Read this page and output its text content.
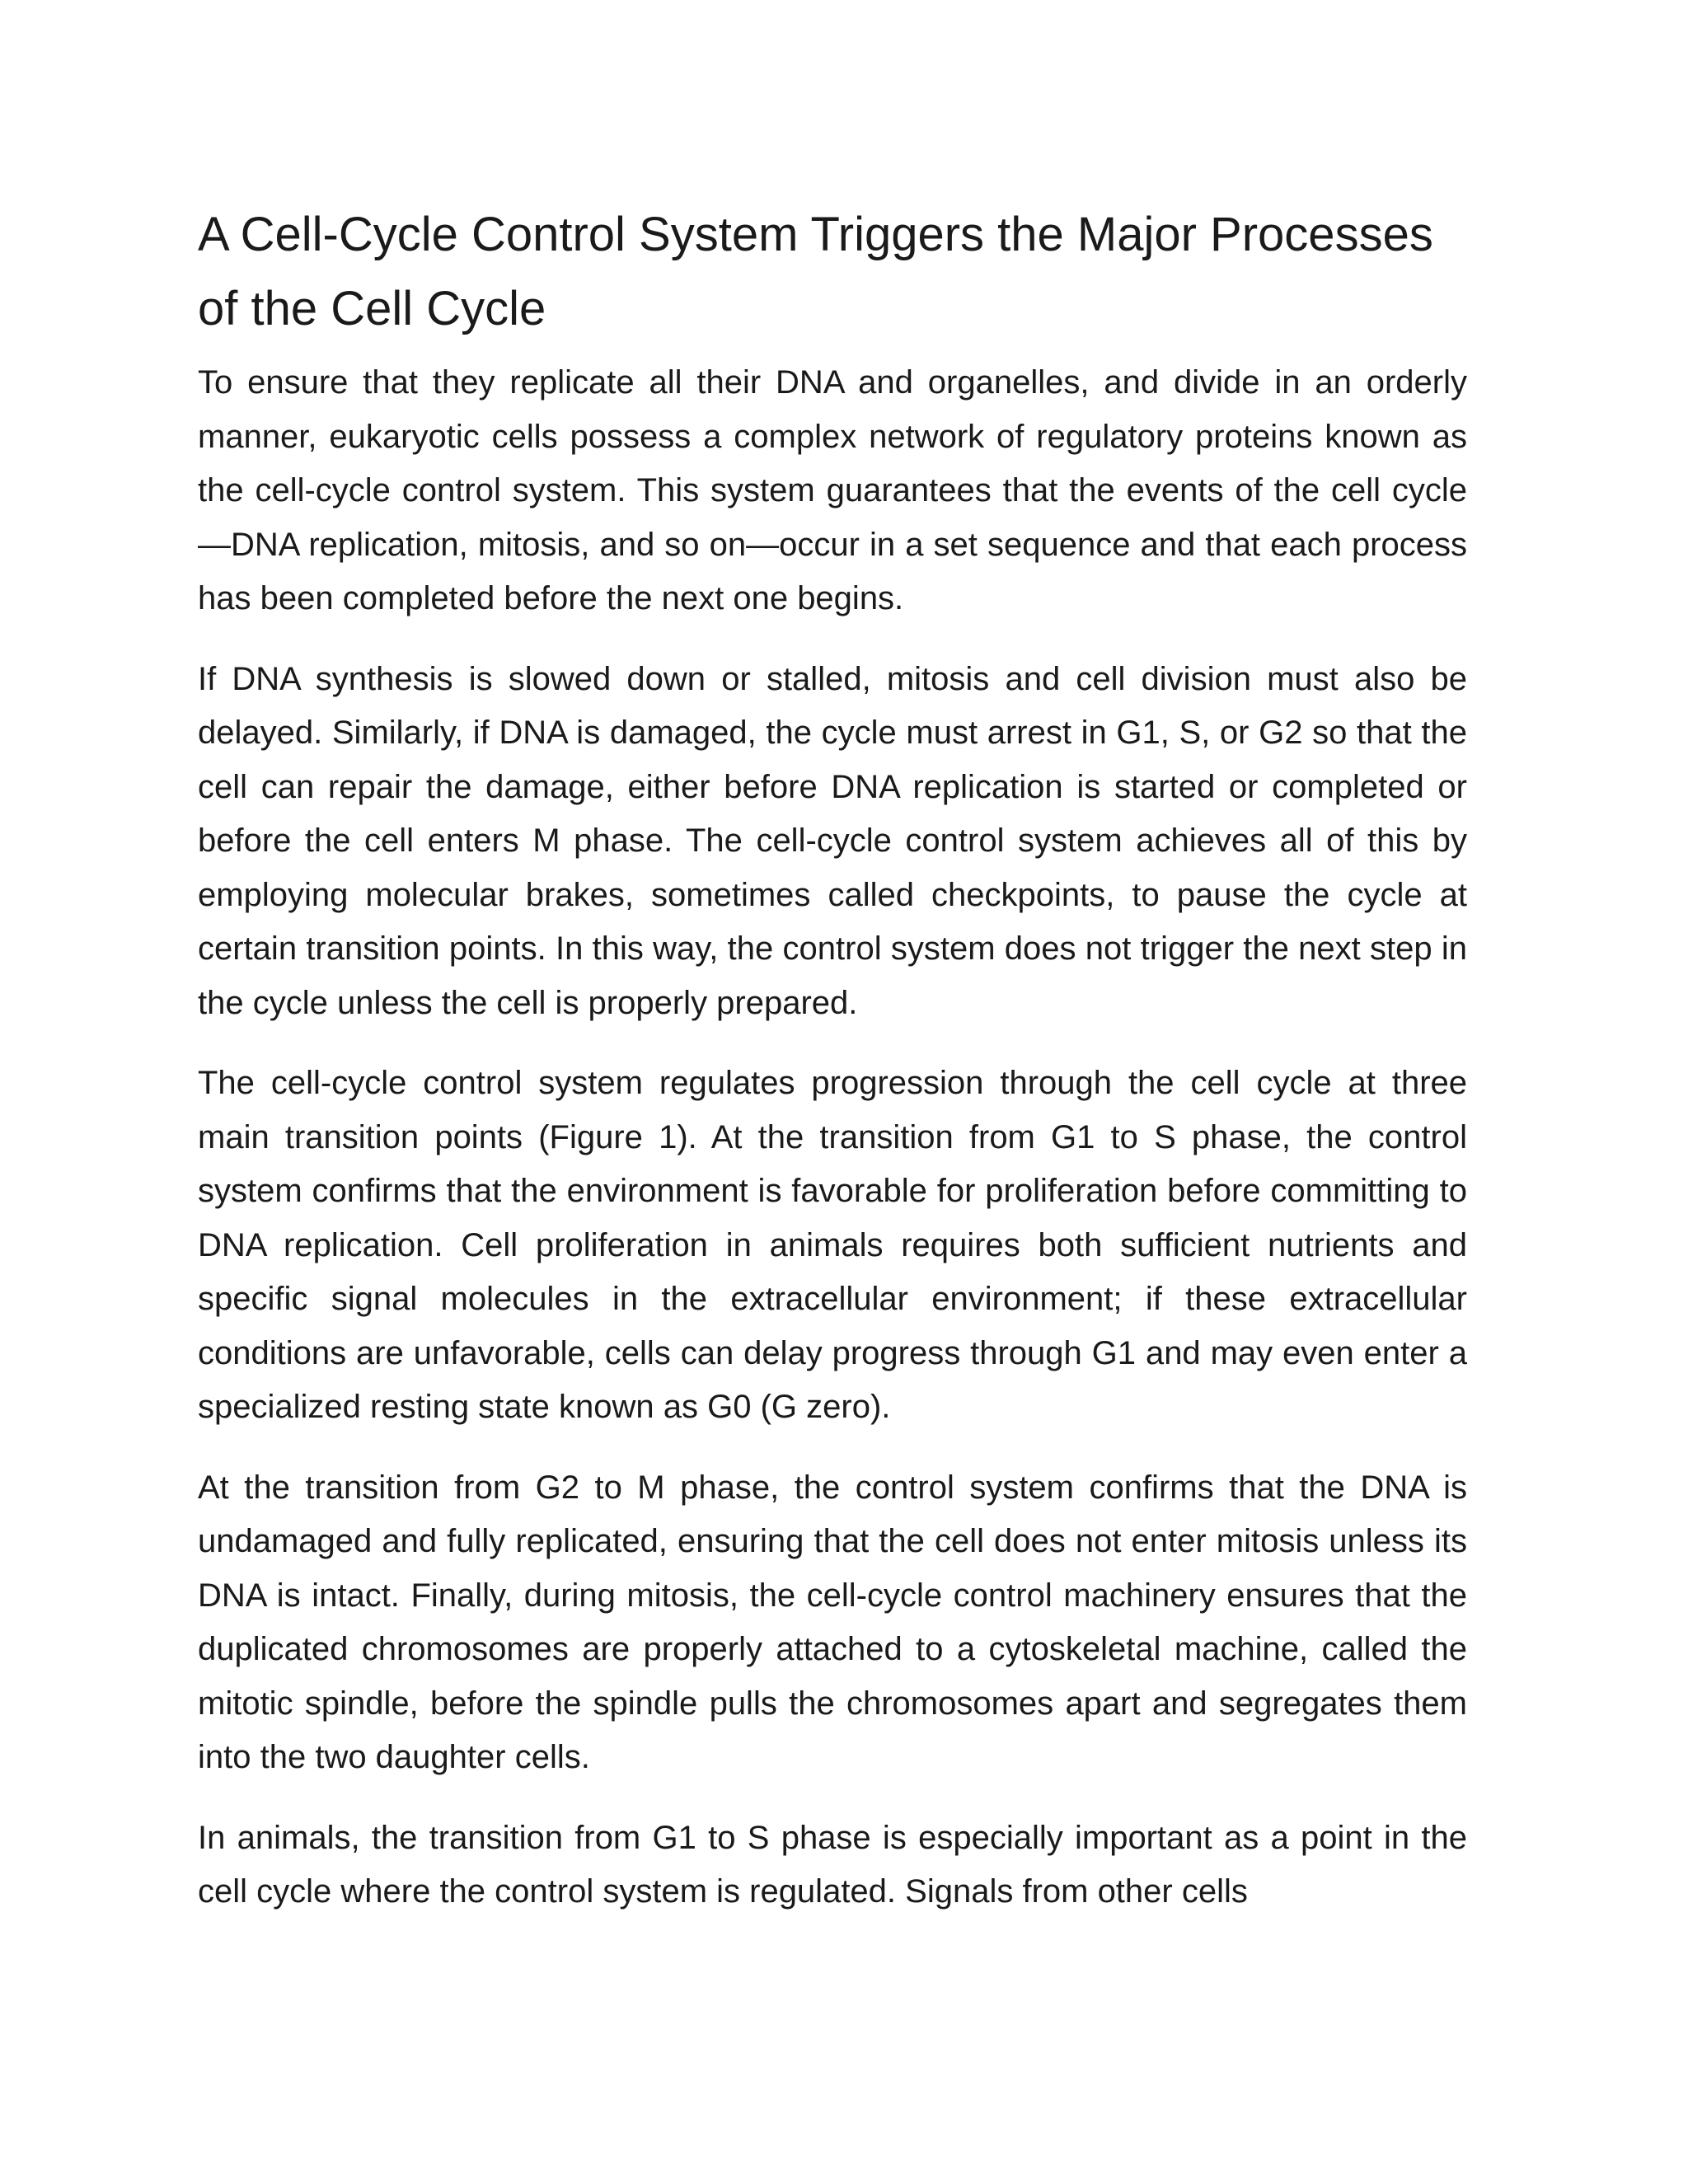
A Cell-Cycle Control System Triggers the Major Processes of the Cell Cycle

To ensure that they replicate all their DNA and organelles, and divide in an orderly manner, eukaryotic cells possess a complex network of regulatory proteins known as the cell-cycle control system. This system guarantees that the events of the cell cycle—DNA replication, mitosis, and so on—occur in a set sequence and that each process has been completed before the next one begins.

If DNA synthesis is slowed down or stalled, mitosis and cell division must also be delayed. Similarly, if DNA is damaged, the cycle must arrest in G1, S, or G2 so that the cell can repair the damage, either before DNA replication is started or completed or before the cell enters M phase. The cell-cycle control system achieves all of this by employing molecular brakes, sometimes called checkpoints, to pause the cycle at certain transition points. In this way, the control system does not trigger the next step in the cycle unless the cell is properly prepared.

The cell-cycle control system regulates progression through the cell cycle at three main transition points (Figure 1). At the transition from G1 to S phase, the control system confirms that the environment is favorable for proliferation before committing to DNA replication. Cell proliferation in animals requires both sufficient nutrients and specific signal molecules in the extracellular environment; if these extracellular conditions are unfavorable, cells can delay progress through G1 and may even enter a specialized resting state known as G0 (G zero).

At the transition from G2 to M phase, the control system confirms that the DNA is undamaged and fully replicated, ensuring that the cell does not enter mitosis unless its DNA is intact. Finally, during mitosis, the cell-cycle control machinery ensures that the duplicated chromosomes are properly attached to a cytoskeletal machine, called the mitotic spindle, before the spindle pulls the chromosomes apart and segregates them into the two daughter cells.

In animals, the transition from G1 to S phase is especially important as a point in the cell cycle where the control system is regulated. Signals from other cells
